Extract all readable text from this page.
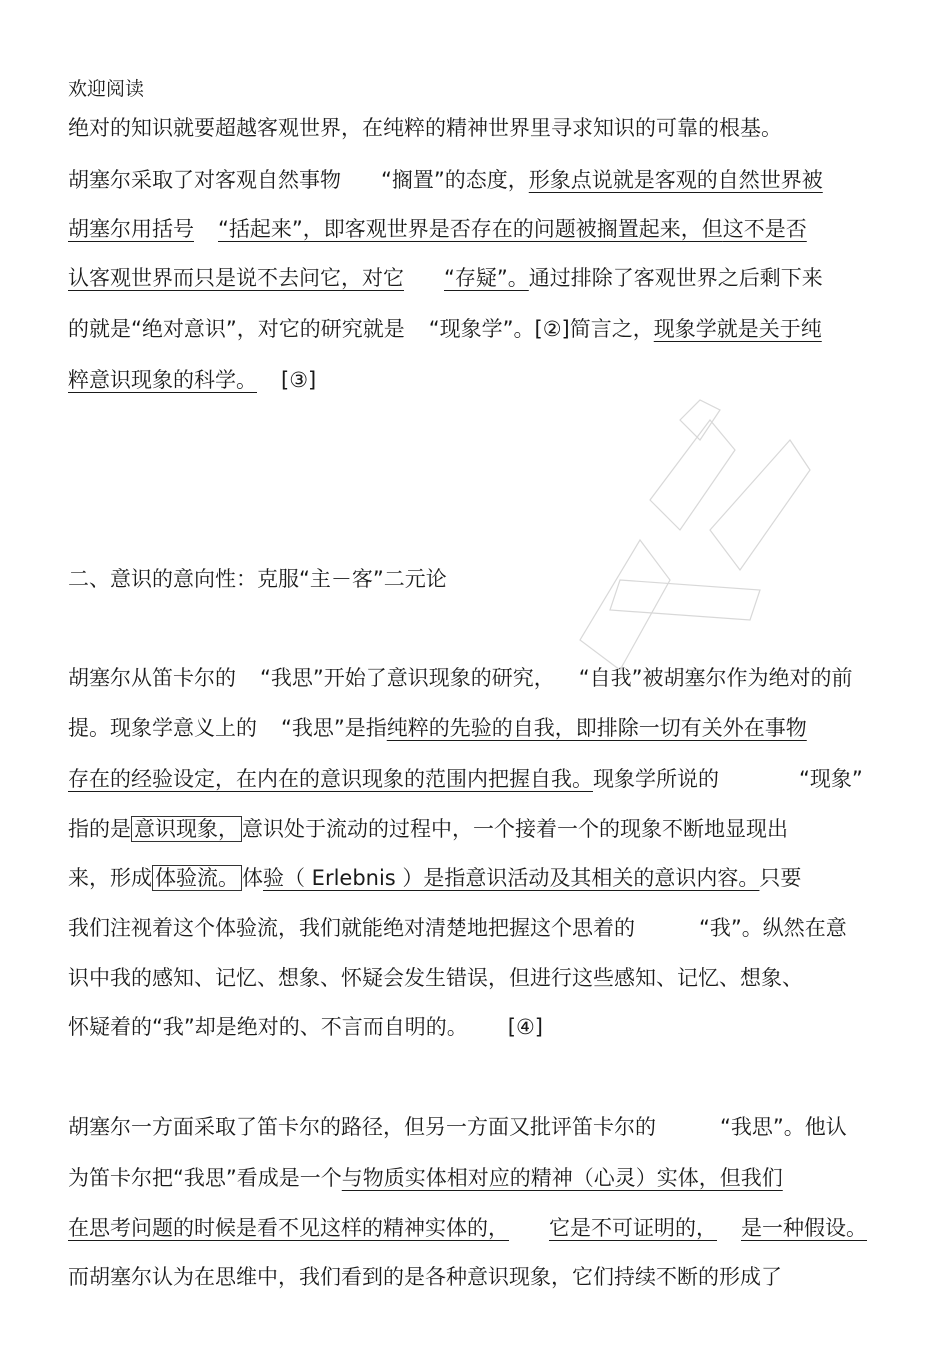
欢迎阅读
绝对的知识就要超越客观世界，在纯粹的精神世界里寻求知识的可靠的根基。
胡塞尔采取了对客观自然事物 “搁置”的态度，形象点说就是客观的自然世界被
胡塞尔用括号 “括起来”，即客观世界是否存在的问题被搁置起来，但这不是否
认客观世界而只是说不去问它，对它 “存疑”。通过排除了客观世界之后剩下来
的就是“绝对意识”，对它的研究就是 “现象学”。[②]简言之，现象学就是关于纯
粹意识现象的科学。 [③]
二、意识的意向性：克服“主－客”二元论
胡塞尔从笛卡尔的 “我思”开始了意识现象的研究， “自我”被胡塞尔作为绝对的前
提。现象学意义上的 “我思”是指纯粹的先验的自我，即排除一切有关外在事物
存在的经验设定，在内在的意识现象的范围内把握自我。现象学所说的	“现象”
指的是 意识现象， 意识处于流动的过程中，一个接着一个的现象不断地显现出
来，形成 体验流。 体验（ Erlebnis ）是指意识活动及其相关的意识内容。只要
我们注视着这个体验流，我们就能绝对清楚地把握这个思着的	“我”。纵然在意
识中我的感知、记忆、想象、怀疑会发生错误，但进行这些感知、记忆、想象、
怀疑着的“我”却是绝对的、不言而自明的。 [④]
胡塞尔一方面采取了笛卡尔的路径，但另一方面又批评笛卡尔的	“我思”。他认
为笛卡尔把“我思”看成是一个与物质实体相对应的精神（心灵）实体，但我们
在思考问题的时候是看不见这样的精神实体的， 它是不可证明的， 是一种假设。
而胡塞尔认为在思维中，我们看到的是各种意识现象，它们持续不断的形成了
